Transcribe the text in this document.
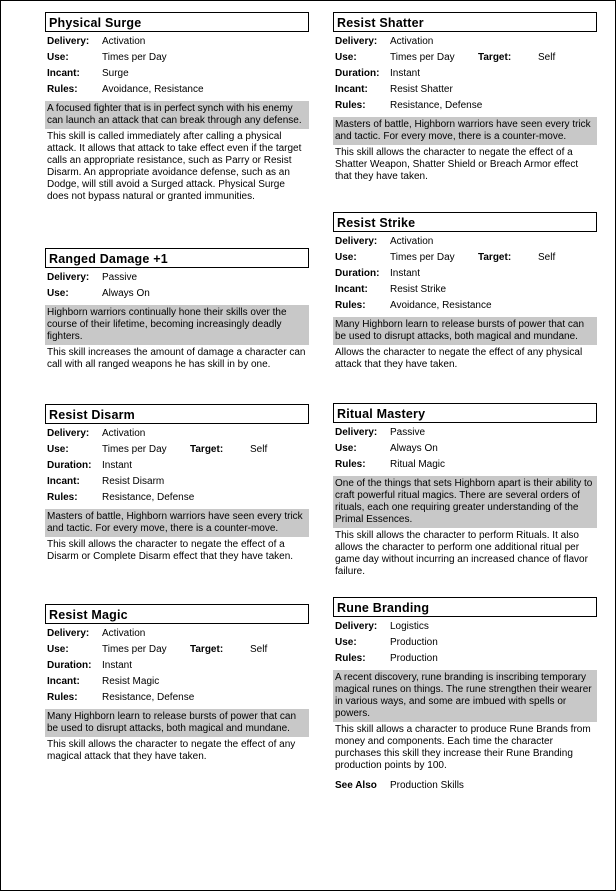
Physical Surge
Delivery: Activation
Use:	Times per Day
Incant: Surge
Rules: Avoidance, Resistance
A focused fighter that is in perfect synch with his enemy can launch an attack that can break through any defense.
This skill is called immediately after calling a physical attack. It allows that attack to take effect even if the target calls an appropriate resistance, such as Parry or Resist Disarm. An appropriate avoidance defense, such as an Dodge, will still avoid a Surged attack. Physical Surge does not bypass natural or granted immunities.
Ranged Damage +1
Delivery: Passive
Use:	Always On
Highborn warriors continually hone their skills over the course of their lifetime, becoming increasingly deadly fighters.
This skill increases the amount of damage a character can call with all ranged weapons he has skill in by one.
Resist Disarm
Delivery: Activation
Use:	Times per Day Target:	Self
Duration: Instant
Incant: Resist Disarm
Rules: Resistance, Defense
Masters of battle, Highborn warriors have seen every trick and tactic. For every move, there is a counter-move.
This skill allows the character to negate the effect of a Disarm or Complete Disarm effect that they have taken.
Resist Magic
Delivery: Activation
Use:	Times per Day Target:	Self
Duration: Instant
Incant: Resist Magic
Rules: Resistance, Defense
Many Highborn learn to release bursts of power that can be used to disrupt attacks, both magical and mundane.
This skill allows the character to negate the effect of any magical attack that they have taken.
Resist Shatter
Delivery: Activation
Use:	Times per Day Target:	Self
Duration: Instant
Incant: Resist Shatter
Rules: Resistance, Defense
Masters of battle, Highborn warriors have seen every trick and tactic. For every move, there is a counter-move.
This skill allows the character to negate the effect of a Shatter Weapon, Shatter Shield or Breach Armor effect that they have taken.
Resist Strike
Delivery: Activation
Use:	Times per Day Target:	Self
Duration: Instant
Incant: Resist Strike
Rules: Avoidance, Resistance
Many Highborn learn to release bursts of power that can be used to disrupt attacks, both magical and mundane.
Allows the character to negate the effect of any physical attack that they have taken.
Ritual Mastery
Delivery: Passive
Use:	Always On
Rules: Ritual Magic
One of the things that sets Highborn apart is their ability to craft powerful ritual magics. There are several orders of rituals, each one requiring greater understanding of the Primal Essences.
This skill allows the character to perform Rituals. It also allows the character to perform one additional ritual per game day without incurring an increased chance of flavor failure.
Rune Branding
Delivery: Logistics
Use:	Production
Rules: Production
A recent discovery, rune branding is inscribing temporary magical runes on things. The rune strengthen their wearer in various ways, and some are imbued with spells or powers.
This skill allows a character to produce Rune Brands from money and components. Each time the character purchases this skill they increase their Rune Branding production points by 100.
See Also Production Skills
